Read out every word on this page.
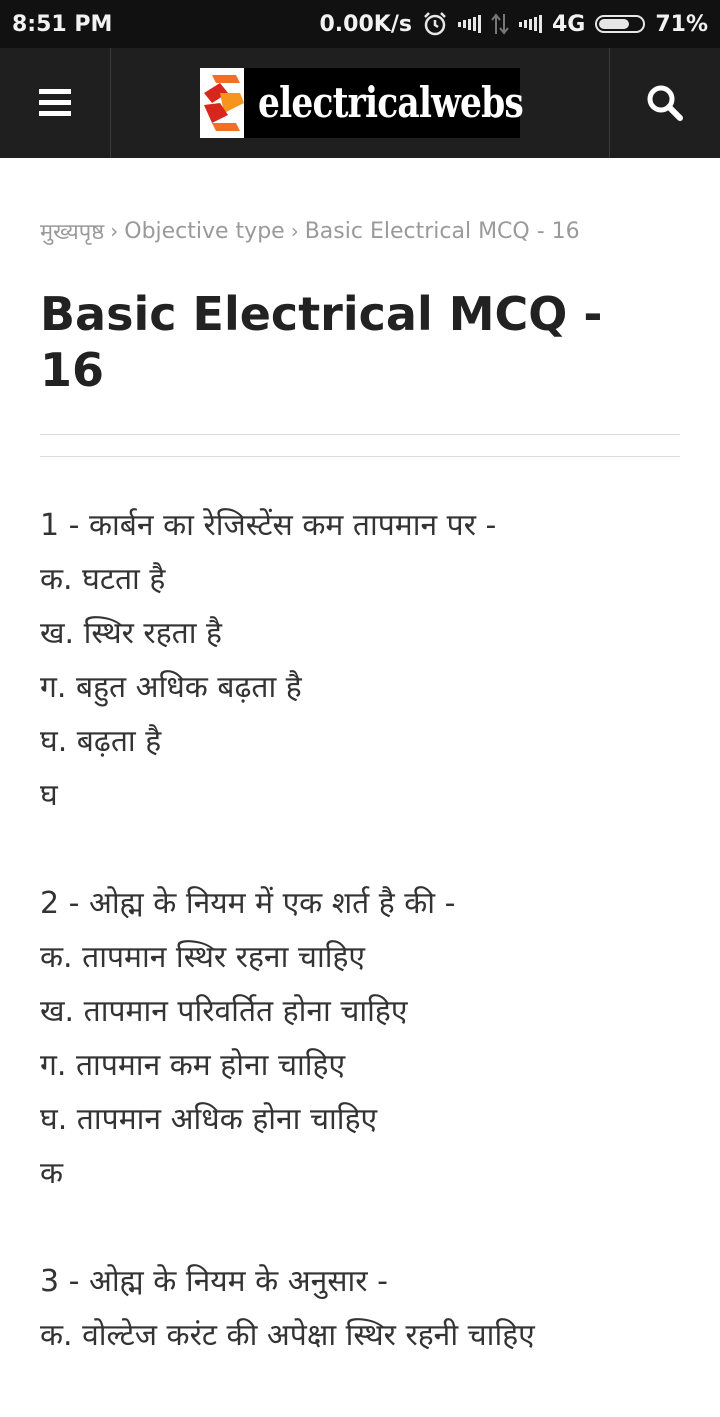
8:51 PM	0.00K/s	4G	71%
electricalwebs
मुख्यपृष्ठ › Objective type › Basic Electrical MCQ - 16
Basic Electrical MCQ - 16
1 - कार्बन का रेजिस्टेंस कम तापमान पर -
क. घटता है
ख. स्थिर रहता है
ग. बहुत अधिक बढ़ता है
घ. बढ़ता है
घ
2 - ओह्म के नियम में एक शर्त है की -
क. तापमान स्थिर रहना चाहिए
ख. तापमान परिवर्तित होना चाहिए
ग. तापमान कम होना चाहिए
घ. तापमान अधिक होना चाहिए
क
3 - ओह्म के नियम के अनुसार -
क. वोल्टेज करंट की अपेक्षा स्थिर रहनी चाहिए
